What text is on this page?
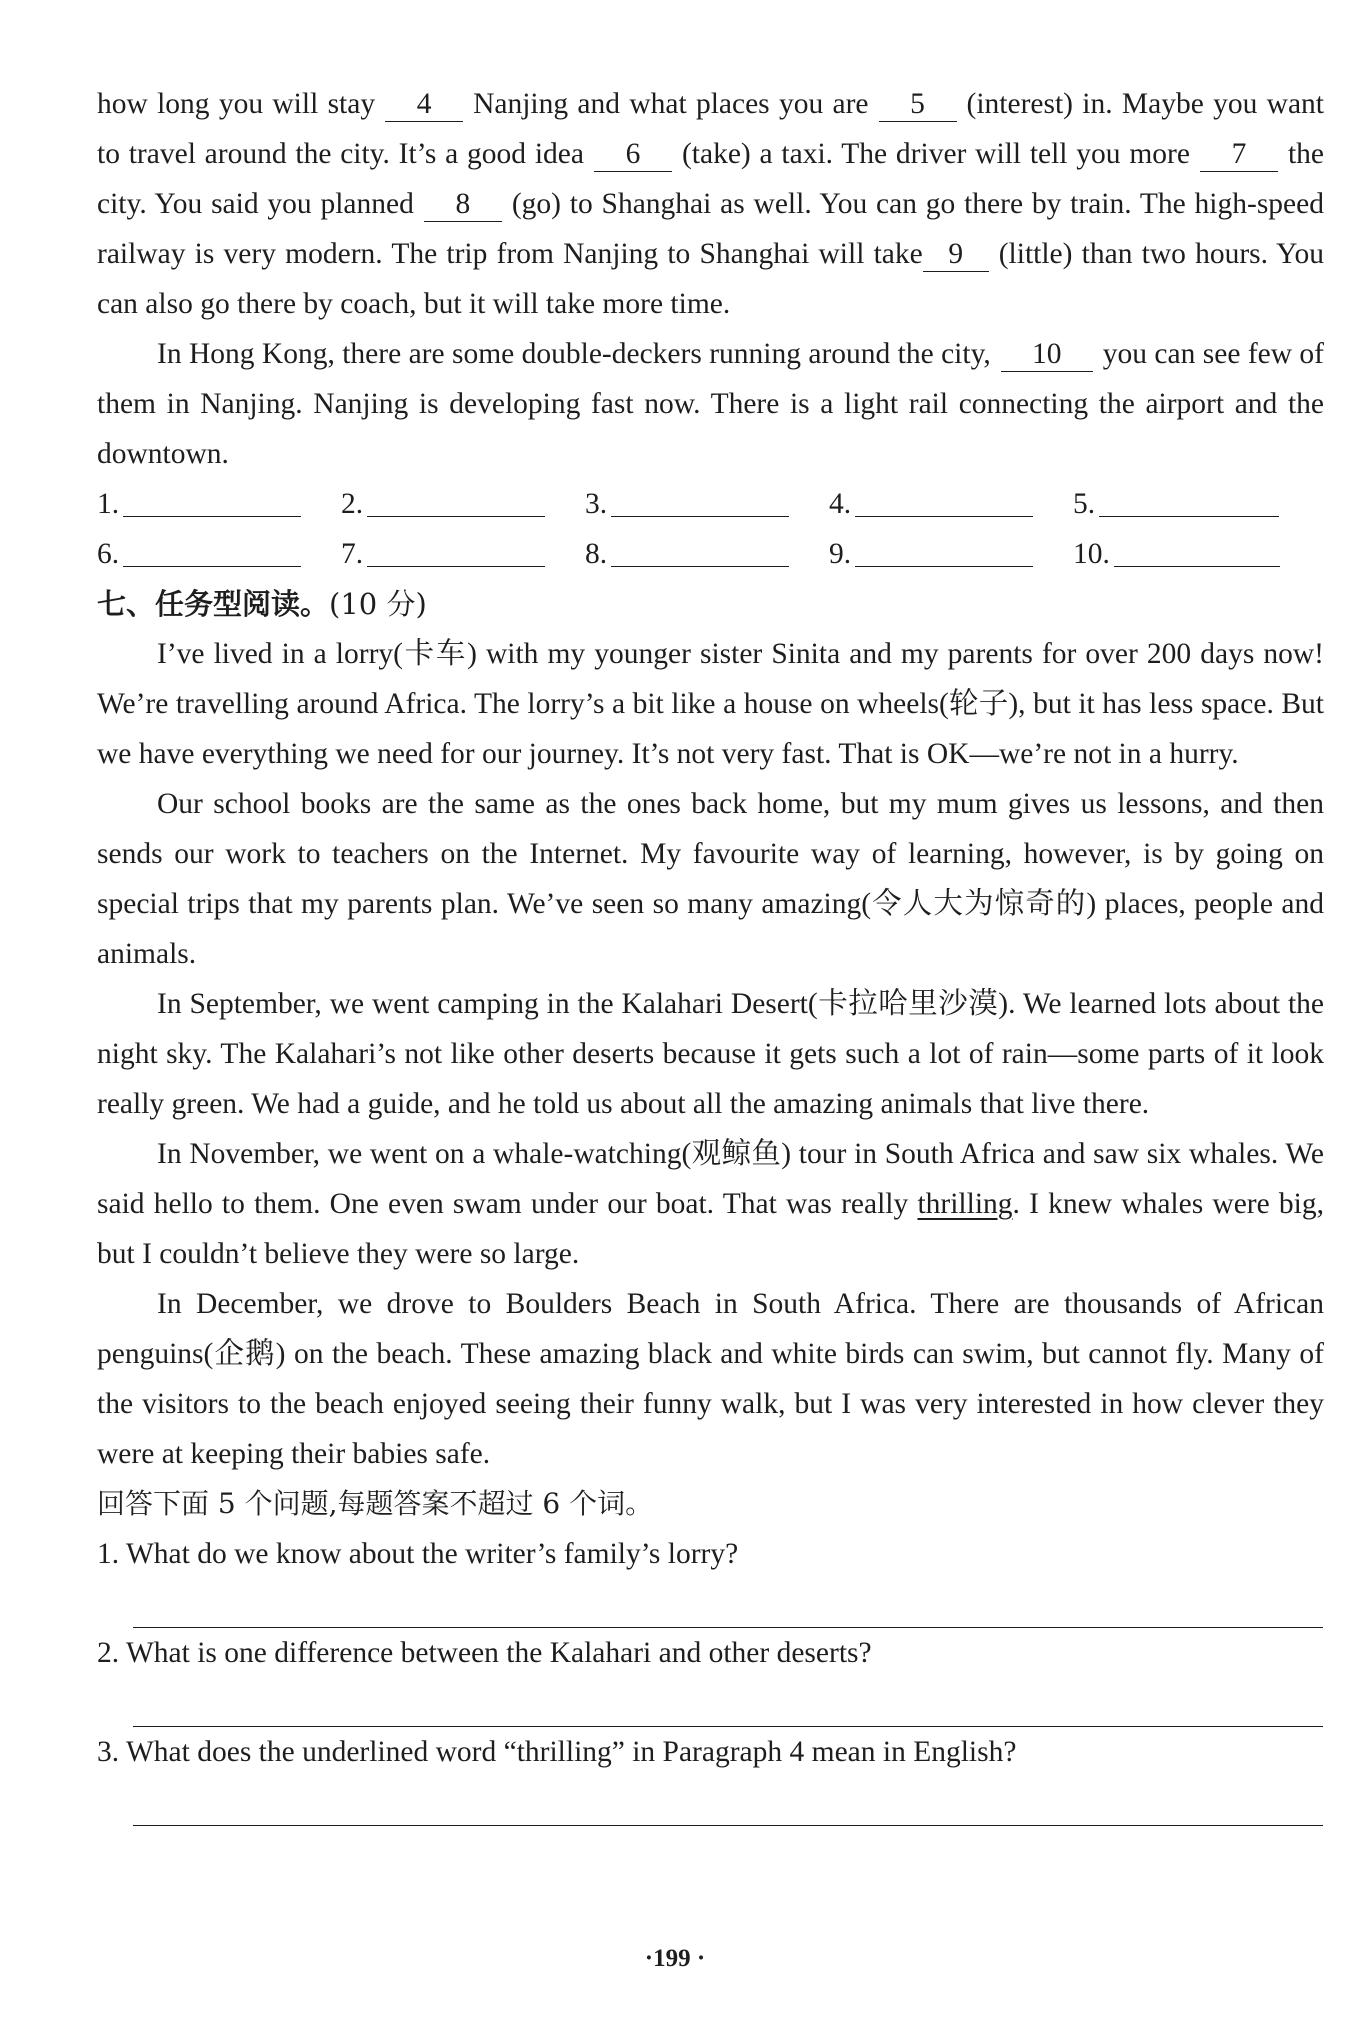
how long you will stay 4 Nanjing and what places you are 5 (interest) in. Maybe you want to travel around the city. It’s a good idea 6 (take) a taxi. The driver will tell you more 7 the city. You said you planned 8 (go) to Shanghai as well. You can go there by train. The high-speed railway is very modern. The trip from Nanjing to Shanghai will take 9 (little) than two hours. You can also go there by coach, but it will take more time.

In Hong Kong, there are some double-deckers running around the city, 10 you can see few of them in Nanjing. Nanjing is developing fast now. There is a light rail connecting the airport and the downtown.

1.	2.	3.	4.	5.
6.	7.	8.	9.	10.

七、任务型阅读。(10 分)

I’ve lived in a lorry(卡车) with my younger sister Sinita and my parents for over 200 days now! We’re travelling around Africa. The lorry’s a bit like a house on wheels(轮子), but it has less space. But we have everything we need for our journey. It’s not very fast. That is OK—we’re not in a hurry.

Our school books are the same as the ones back home, but my mum gives us lessons, and then sends our work to teachers on the Internet. My favourite way of learning, however, is by going on special trips that my parents plan. We’ve seen so many amazing(令人大为惊奇的) places, people and animals.

In September, we went camping in the Kalahari Desert(卡拉哈里沙漠). We learned lots about the night sky. The Kalahari’s not like other deserts because it gets such a lot of rain—some parts of it look really green. We had a guide, and he told us about all the amazing animals that live there.

In November, we went on a whale-watching(观鲸鱼) tour in South Africa and saw six whales. We said hello to them. One even swam under our boat. That was really thrilling. I knew whales were big, but I couldn’t believe they were so large.

In December, we drove to Boulders Beach in South Africa. There are thousands of African penguins(企鹅) on the beach. These amazing black and white birds can swim, but cannot fly. Many of the visitors to the beach enjoyed seeing their funny walk, but I was very interested in how clever they were at keeping their babies safe.

回答下面 5 个问题,每题答案不超过 6 个词。

1. What do we know about the writer’s family’s lorry?

2. What is one difference between the Kalahari and other deserts?

3. What does the underlined word “thrilling” in Paragraph 4 mean in English?

·199 ·
